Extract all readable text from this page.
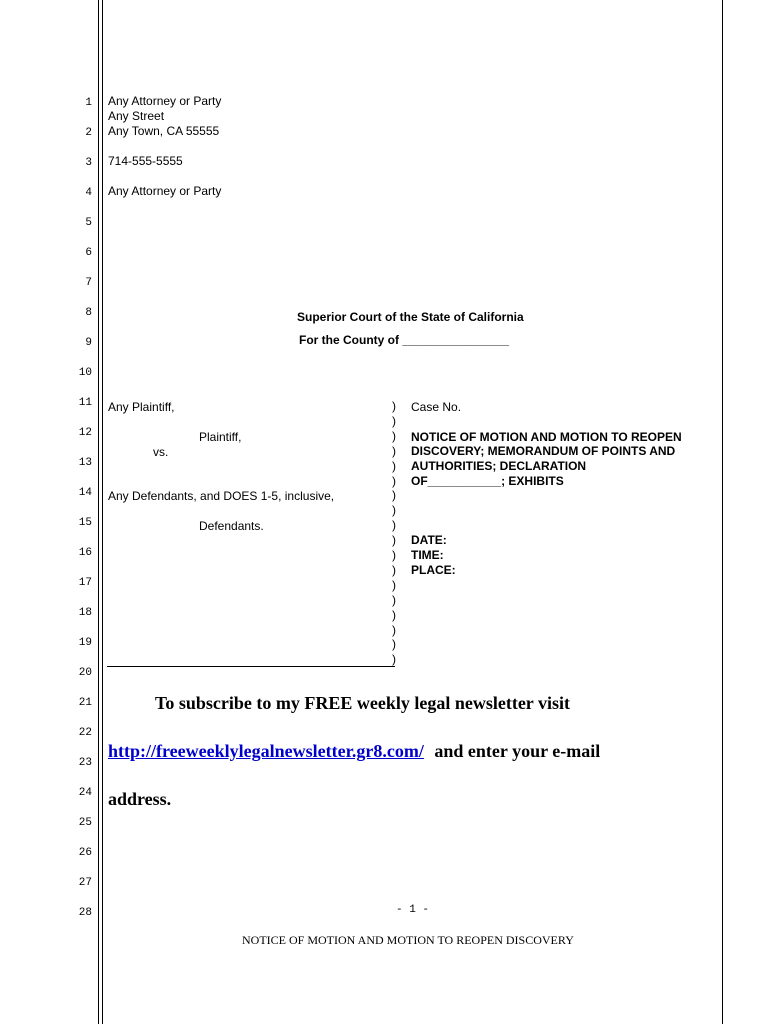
1
2
3
4
5
6
7
8
9
10
11
12
13
14
15
16
17
18
19
20
21
22
23
24
25
26
27
28
Any Attorney or Party
Any Street
Any Town, CA 55555
714-555-5555
Any Attorney or Party
Superior Court of the State of California
For the County of ________________
Any Plaintiff,
Plaintiff,
vs.
Any Defendants, and DOES 1-5, inclusive,
Defendants.
)
)
)
)
)
)
)
)
)
)
)
)
)
)
)
)
)
)
Case No.
NOTICE OF MOTION AND MOTION TO REOPEN
DISCOVERY; MEMORANDUM OF POINTS AND
AUTHORITIES; DECLARATION
OF___________; EXHIBITS
DATE:
TIME:
PLACE:
To subscribe to my FREE weekly legal newsletter visit
http://freeweeklylegalnewsletter.gr8.com/ and enter your e-mail
address.
- 1 -
NOTICE OF MOTION AND MOTION TO REOPEN DISCOVERY
